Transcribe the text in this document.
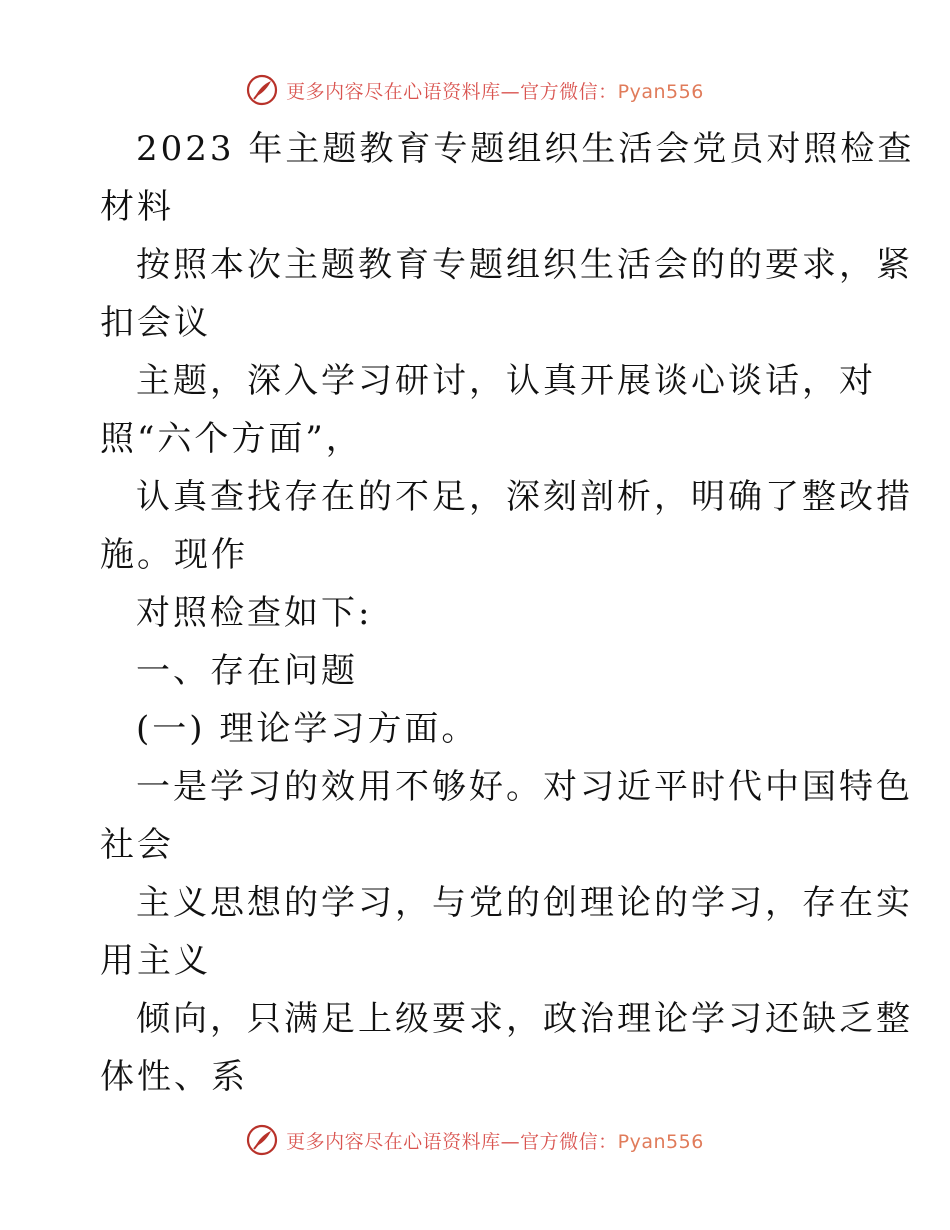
更多内容尽在心语资料库—官方微信：Pyan556
2023 年主题教育专题组织生活会党员对照检查
材料
按照本次主题教育专题组织生活会的的要求，紧
扣会议
主题，深入学习研讨，认真开展谈心谈话，对
照“六个方面”，
认真查找存在的不足，深刻剖析，明确了整改措
施。现作
对照检查如下:
一、存在问题
(一) 理论学习方面。
一是学习的效用不够好。对习近平时代中国特色
社会
主义思想的学习，与党的创理论的学习，存在实
用主义
倾向，只满足上级要求，政治理论学习还缺乏整
体性、系
更多内容尽在心语资料库—官方微信：Pyan556
